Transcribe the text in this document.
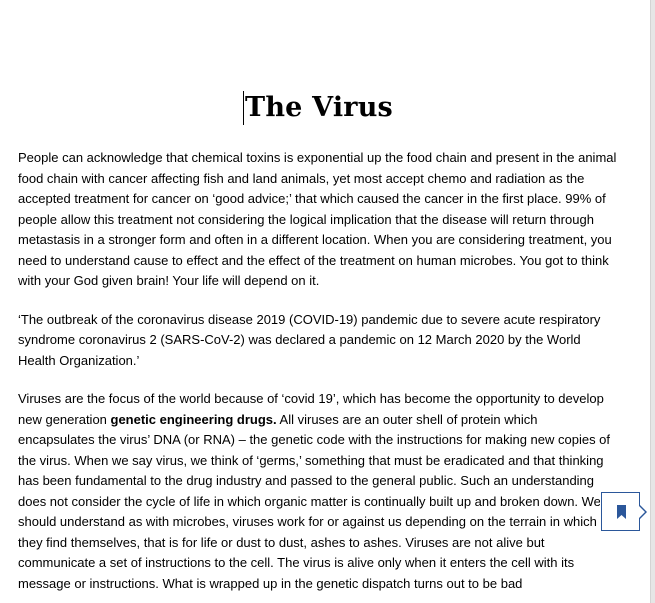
The Virus

People can acknowledge that chemical toxins is exponential up the food chain and present in the animal food chain with cancer affecting fish and land animals, yet most accept chemo and radiation as the accepted treatment for cancer on ‘good advice;’ that which caused the cancer in the first place. 99% of people allow this treatment not considering the logical implication that the disease will return through metastasis in a stronger form and often in a different location. When you are considering treatment, you need to understand cause to effect and the effect of the treatment on human microbes. You got to think with your God given brain! Your life will depend on it.

‘The outbreak of the coronavirus disease 2019 (COVID-19) pandemic due to severe acute respiratory syndrome coronavirus 2 (SARS-CoV-2) was declared a pandemic on 12 March 2020 by the World Health Organization.’

Viruses are the focus of the world because of ‘covid 19’, which has become the opportunity to develop new generation genetic engineering drugs. All viruses are an outer shell of protein which encapsulates the virus’ DNA (or RNA) – the genetic code with the instructions for making new copies of the virus. When we say virus, we think of ‘germs,’ something that must be eradicated and that thinking has been fundamental to the drug industry and passed to the general public. Such an understanding does not consider the cycle of life in which organic matter is continually built up and broken down. We should understand as with microbes, viruses work for or against us depending on the terrain in which they find themselves, that is for life or dust to dust, ashes to ashes. Viruses are not alive but communicate a set of instructions to the cell. The virus is alive only when it enters the cell with its message or instructions. What is wrapped up in the genetic dispatch turns out to be bad
